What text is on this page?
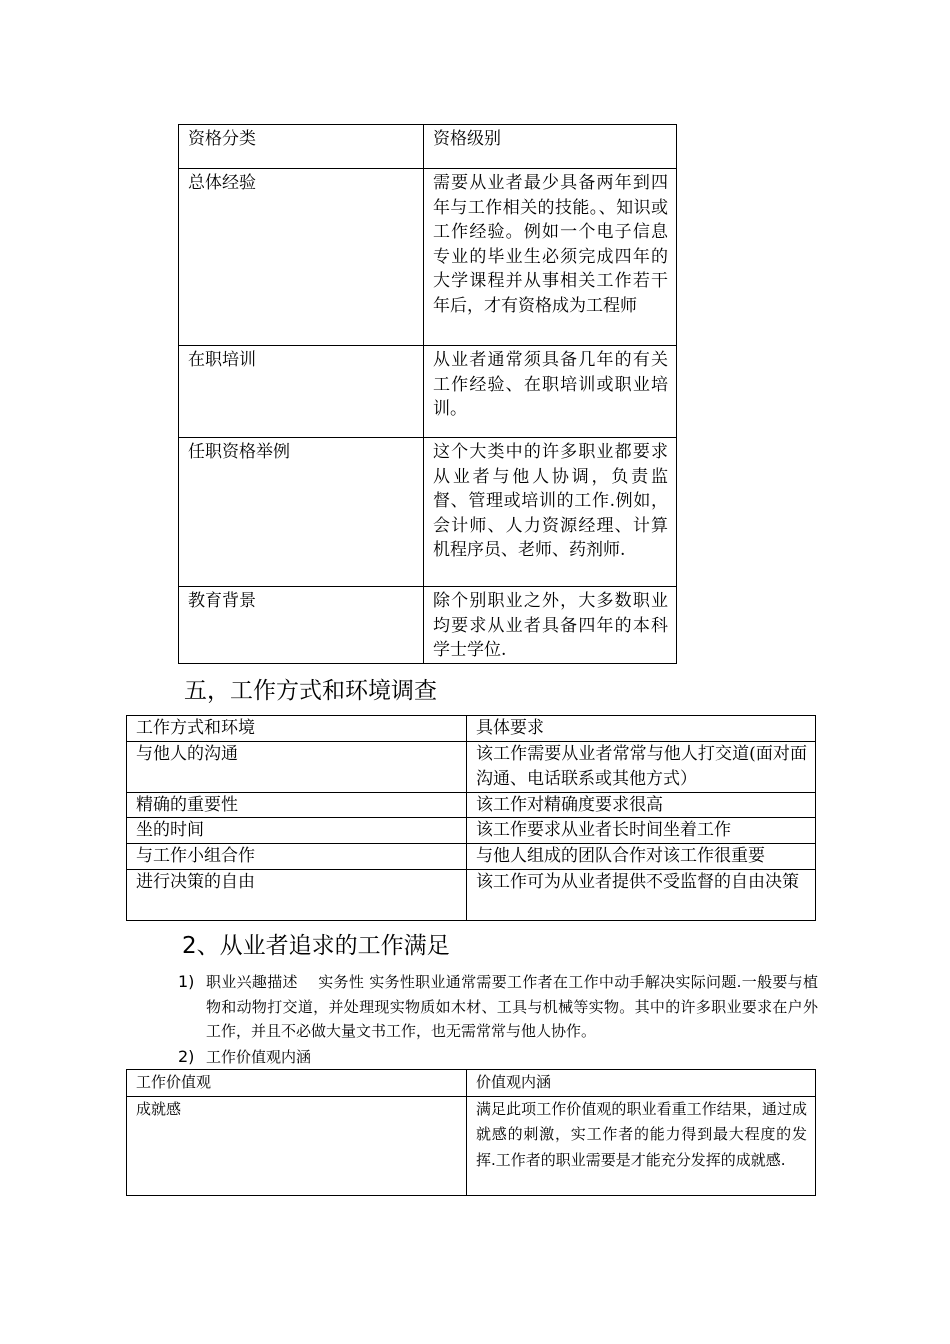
资格分类	资格级别

总体经验	需要从业者最少具备两年到四年与工作相关的技能。、知识或工作经验。例如一个电子信息专业的毕业生必须完成四年的大学课程并从事相关工作若干年后，才有资格成为工程师

在职培训	从业者通常须具备几年的有关工作经验、在职培训或职业培训。

任职资格举例	这个大类中的许多职业都要求从业者与他人协调，负责监督、管理或培训的工作.例如，会计师、人力资源经理、计算机程序员、老师、药剂师.

教育背景	除个别职业之外，大多数职业均要求从业者具备四年的本科学士学位.
五，工作方式和环境调查
工作方式和环境	具体要求

与他人的沟通	该工作需要从业者常常与他人打交道(面对面沟通、电话联系或其他方式）

精确的重要性	该工作对精确度要求很高

坐的时间	该工作要求从业者长时间坐着工作

与工作小组合作	与他人组成的团队合作对该工作很重要

进行决策的自由	该工作可为从业者提供不受监督的自由决策
2、从业者追求的工作满足
1) 职业兴趣描述　 实务性 实务性职业通常需要工作者在工作中动手解决实际问题.一般要与植物和动物打交道，并处理现实物质如木材、工具与机械等实物。其中的许多职业要求在户外工作，并且不必做大量文书工作，也无需常常与他人协作。
2) 工作价值观内涵
工作价值观	价值观内涵

成就感	满足此项工作价值观的职业看重工作结果，通过成就感的刺激，实工作者的能力得到最大程度的发挥.工作者的职业需要是才能充分发挥的成就感.
